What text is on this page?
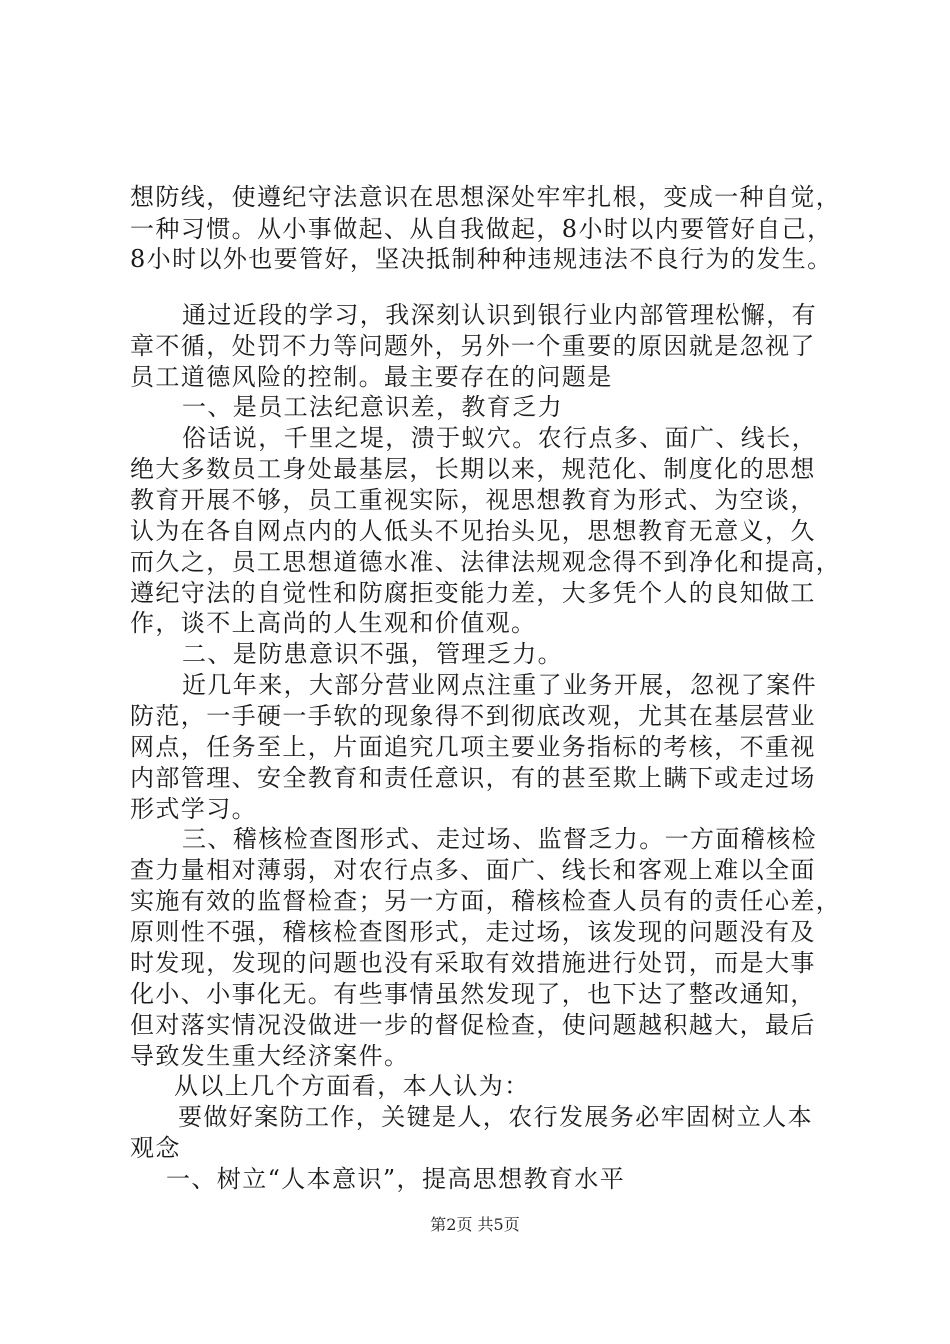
想防线，使遵纪守法意识在思想深处牢牢扎根，变成一种自觉，
一种习惯。从小事做起、从自我做起，8小时以内要管好自己，
8小时以外也要管好，坚决抵制种种违规违法不良行为的发生。
通过近段的学习，我深刻认识到银行业内部管理松懈，有
章不循，处罚不力等问题外，另外一个重要的原因就是忽视了
员工道德风险的控制。最主要存在的问题是
一、是员工法纪意识差，教育乏力
俗话说，千里之堤，溃于蚁穴。农行点多、面广、线长，
绝大多数员工身处最基层，长期以来，规范化、制度化的思想
教育开展不够，员工重视实际，视思想教育为形式、为空谈，
认为在各自网点内的人低头不见抬头见，思想教育无意义，久
而久之，员工思想道德水准、法律法规观念得不到净化和提高，
遵纪守法的自觉性和防腐拒变能力差，大多凭个人的良知做工
作，谈不上高尚的人生观和价值观。
二、是防患意识不强，管理乏力。
近几年来，大部分营业网点注重了业务开展，忽视了案件
防范，一手硬一手软的现象得不到彻底改观，尤其在基层营业
网点，任务至上，片面追究几项主要业务指标的考核，不重视
内部管理、安全教育和责任意识，有的甚至欺上瞒下或走过场
形式学习。
三、稽核检查图形式、走过场、监督乏力。一方面稽核检
查力量相对薄弱，对农行点多、面广、线长和客观上难以全面
实施有效的监督检查；另一方面，稽核检查人员有的责任心差，
原则性不强，稽核检查图形式，走过场，该发现的问题没有及
时发现，发现的问题也没有采取有效措施进行处罚，而是大事
化小、小事化无。有些事情虽然发现了，也下达了整改通知，
但对落实情况没做进一步的督促检查，使问题越积越大，最后
导致发生重大经济案件。
从以上几个方面看，本人认为：
要做好案防工作，关键是人，农行发展务必牢固树立人本
观念
一、树立“人本意识”，提高思想教育水平
第2页 共5页
